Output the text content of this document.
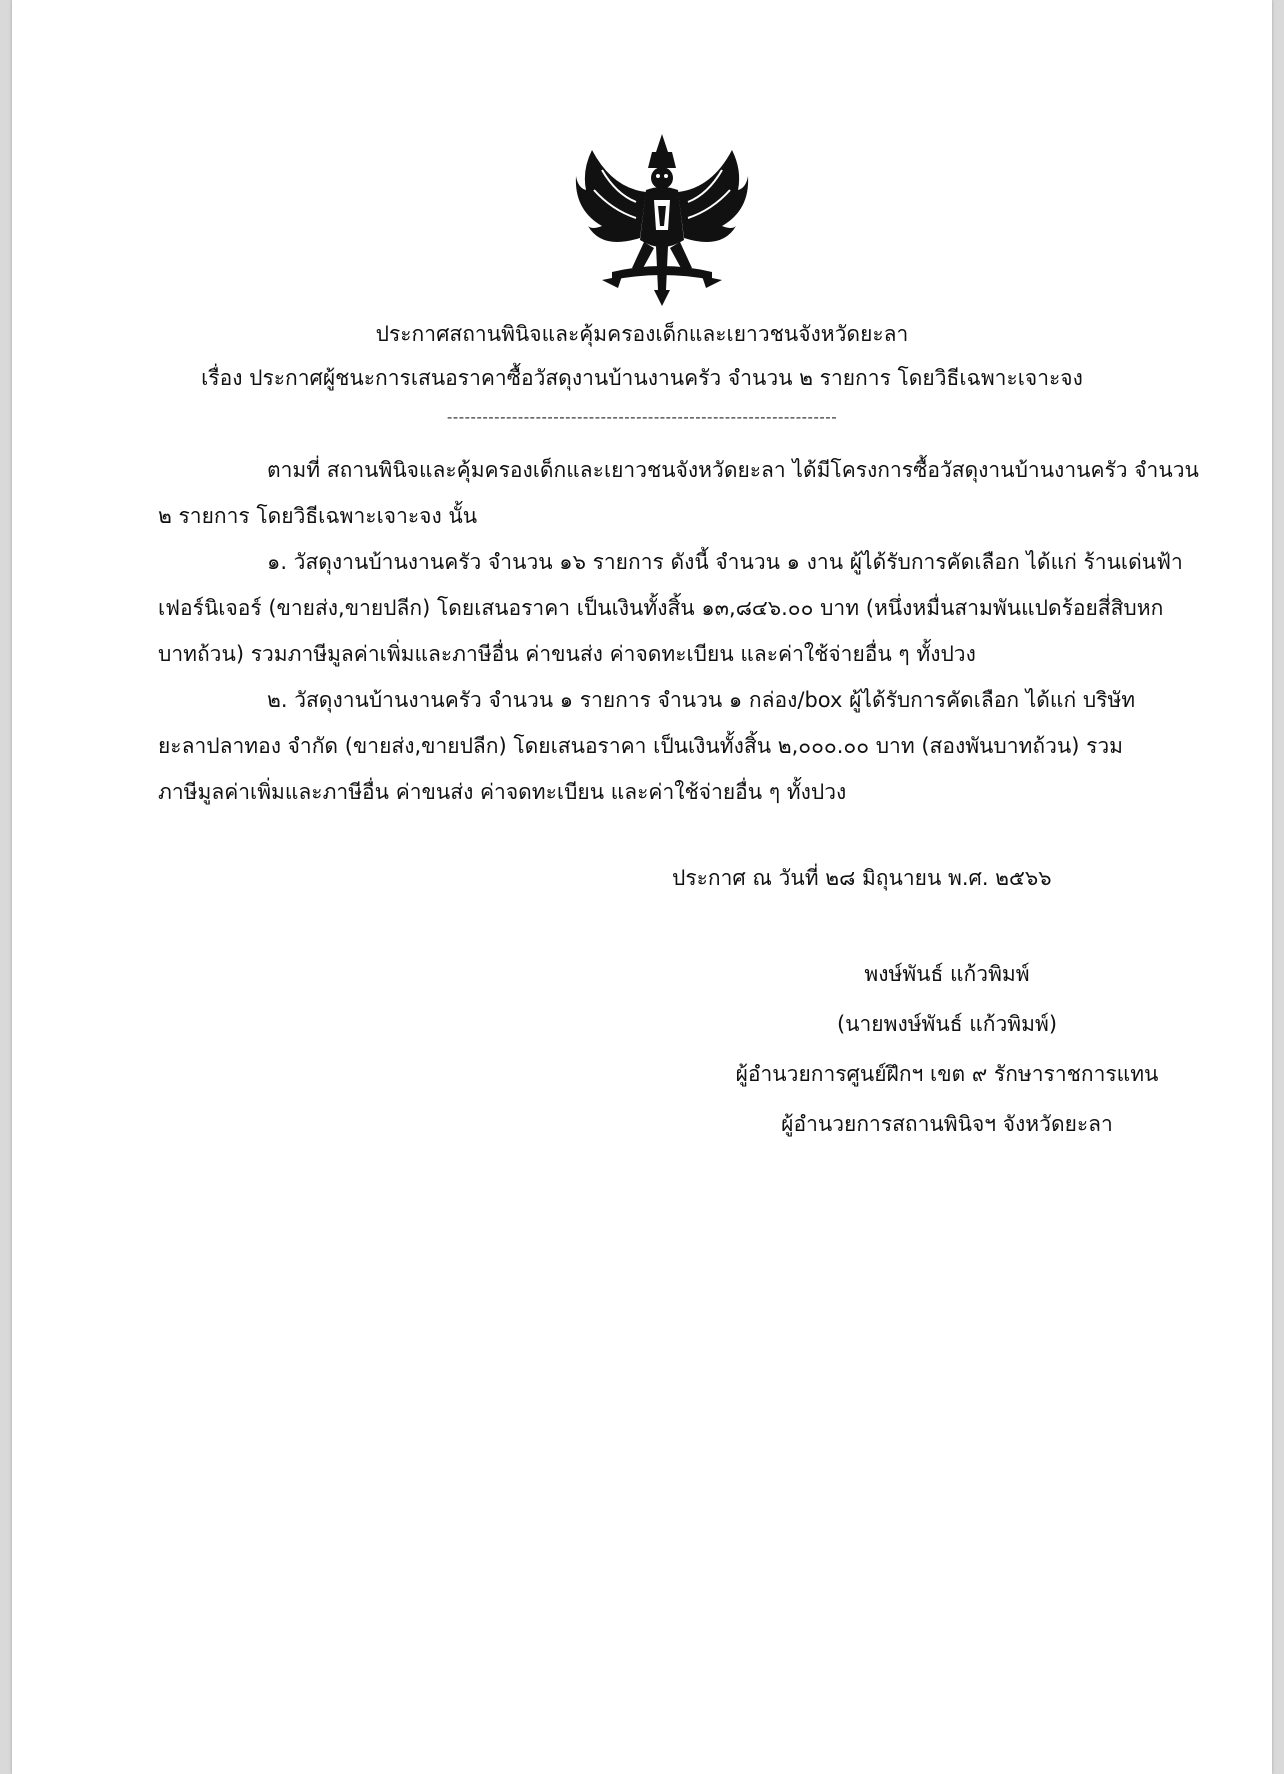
ประกาศสถานพินิจและคุ้มครองเด็กและเยาวชนจังหวัดยะลา
เรื่อง ประกาศผู้ชนะการเสนอราคาซื้อวัสดุงานบ้านงานครัว จำนวน ๒ รายการ โดยวิธีเฉพาะเจาะจง
------------------------------------------------------------------
ตามที่ สถานพินิจและคุ้มครองเด็กและเยาวชนจังหวัดยะลา ได้มีโครงการซื้อวัสดุงานบ้านงานครัว จำนวน
๒ รายการ โดยวิธีเฉพาะเจาะจง นั้น
๑. วัสดุงานบ้านงานครัว จำนวน ๑๖ รายการ ดังนี้ จำนวน ๑ งาน ผู้ได้รับการคัดเลือก ได้แก่ ร้านเด่นฟ้า
เฟอร์นิเจอร์ (ขายส่ง,ขายปลีก) โดยเสนอราคา เป็นเงินทั้งสิ้น ๑๓,๘๔๖.๐๐ บาท (หนึ่งหมื่นสามพันแปดร้อยสี่สิบหก
บาทถ้วน) รวมภาษีมูลค่าเพิ่มและภาษีอื่น ค่าขนส่ง ค่าจดทะเบียน และค่าใช้จ่ายอื่น ๆ ทั้งปวง
๒. วัสดุงานบ้านงานครัว จำนวน ๑ รายการ จำนวน ๑ กล่อง/box ผู้ได้รับการคัดเลือก ได้แก่ บริษัท
ยะลาปลาทอง จำกัด (ขายส่ง,ขายปลีก) โดยเสนอราคา เป็นเงินทั้งสิ้น ๒,๐๐๐.๐๐ บาท (สองพันบาทถ้วน) รวม
ภาษีมูลค่าเพิ่มและภาษีอื่น ค่าขนส่ง ค่าจดทะเบียน และค่าใช้จ่ายอื่น ๆ ทั้งปวง
ประกาศ ณ วันที่ ๒๘ มิถุนายน พ.ศ. ๒๕๖๖
พงษ์พันธ์ แก้วพิมพ์
(นายพงษ์พันธ์ แก้วพิมพ์)
ผู้อำนวยการศูนย์ฝึกฯ เขต ๙ รักษาราชการแทน
ผู้อำนวยการสถานพินิจฯ จังหวัดยะลา
